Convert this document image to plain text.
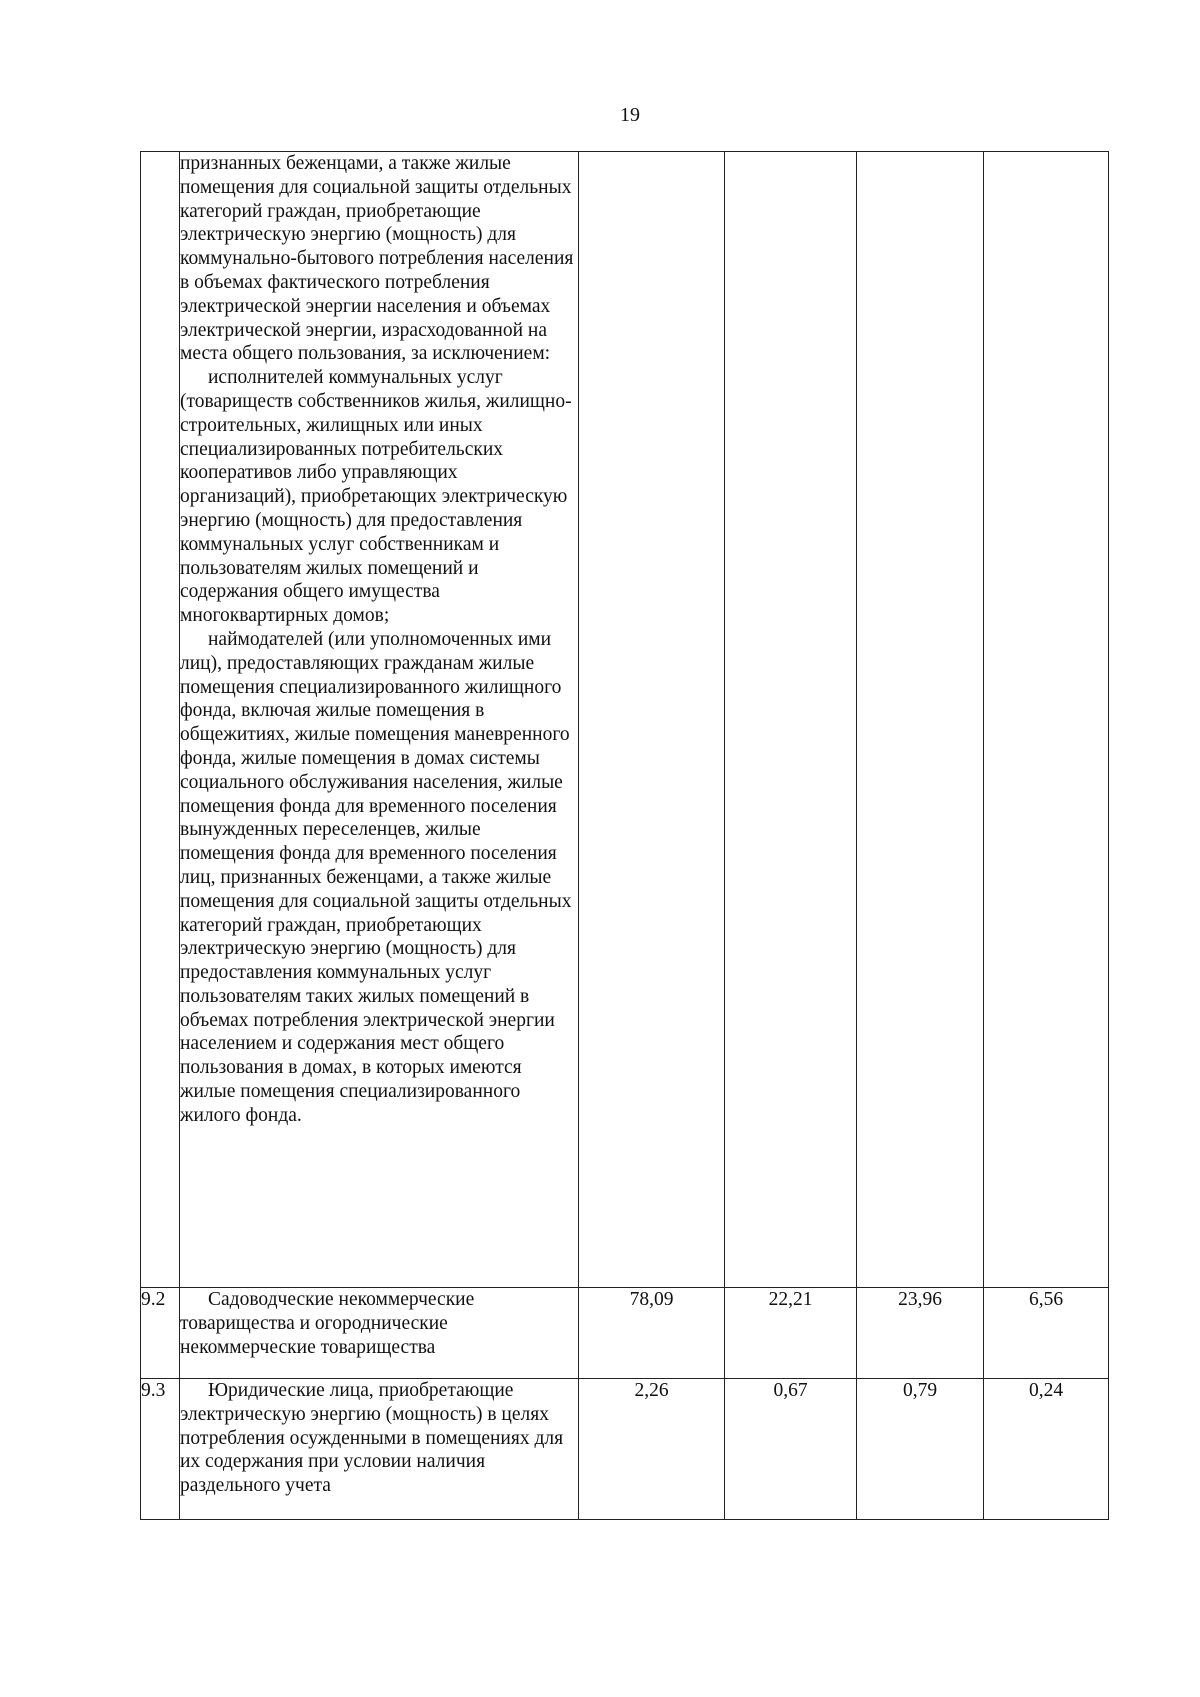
19

	признанных беженцами, а также жилые помещения для социальной защиты отдельных категорий граждан, приобретающие электрическую энергию (мощность) для коммунально-бытового потребления населения в объемах фактического потребления электрической энергии населения и объемах электрической энергии, израсходованной на места общего пользования, за исключением:

исполнителей коммунальных услуг (товариществ собственников жилья, жилищно-строительных, жилищных или иных специализированных потребительских кооперативов либо управляющих организаций), приобретающих электрическую энергию (мощность) для предоставления коммунальных услуг собственникам и пользователям жилых помещений и содержания общего имущества многоквартирных домов;

наймодателей (или уполномоченных ими лиц), предоставляющих гражданам жилые помещения специализированного жилищного фонда, включая жилые помещения в общежитиях, жилые помещения маневренного фонда, жилые помещения в домах системы социального обслуживания населения, жилые помещения фонда для временного поселения вынужденных переселенцев, жилые помещения фонда для временного поселения лиц, признанных беженцами, а также жилые помещения для социальной защиты отдельных категорий граждан, приобретающих электрическую энергию (мощность) для предоставления коммунальных услуг пользователям таких жилых помещений в объемах потребления электрической энергии населением и содержания мест общего пользования в домах, в которых имеются жилые помещения специализированного жилого фонда.				

9.2	Садоводческие некоммерческие товарищества и огороднические некоммерческие товарищества	78,09	22,21	23,96	6,56
9.3	Юридические лица, приобретающие электрическую энергию (мощность) в целях потребления осужденными в помещениях для их содержания при условии наличия раздельного учета	2,26	0,67	0,79	0,24
